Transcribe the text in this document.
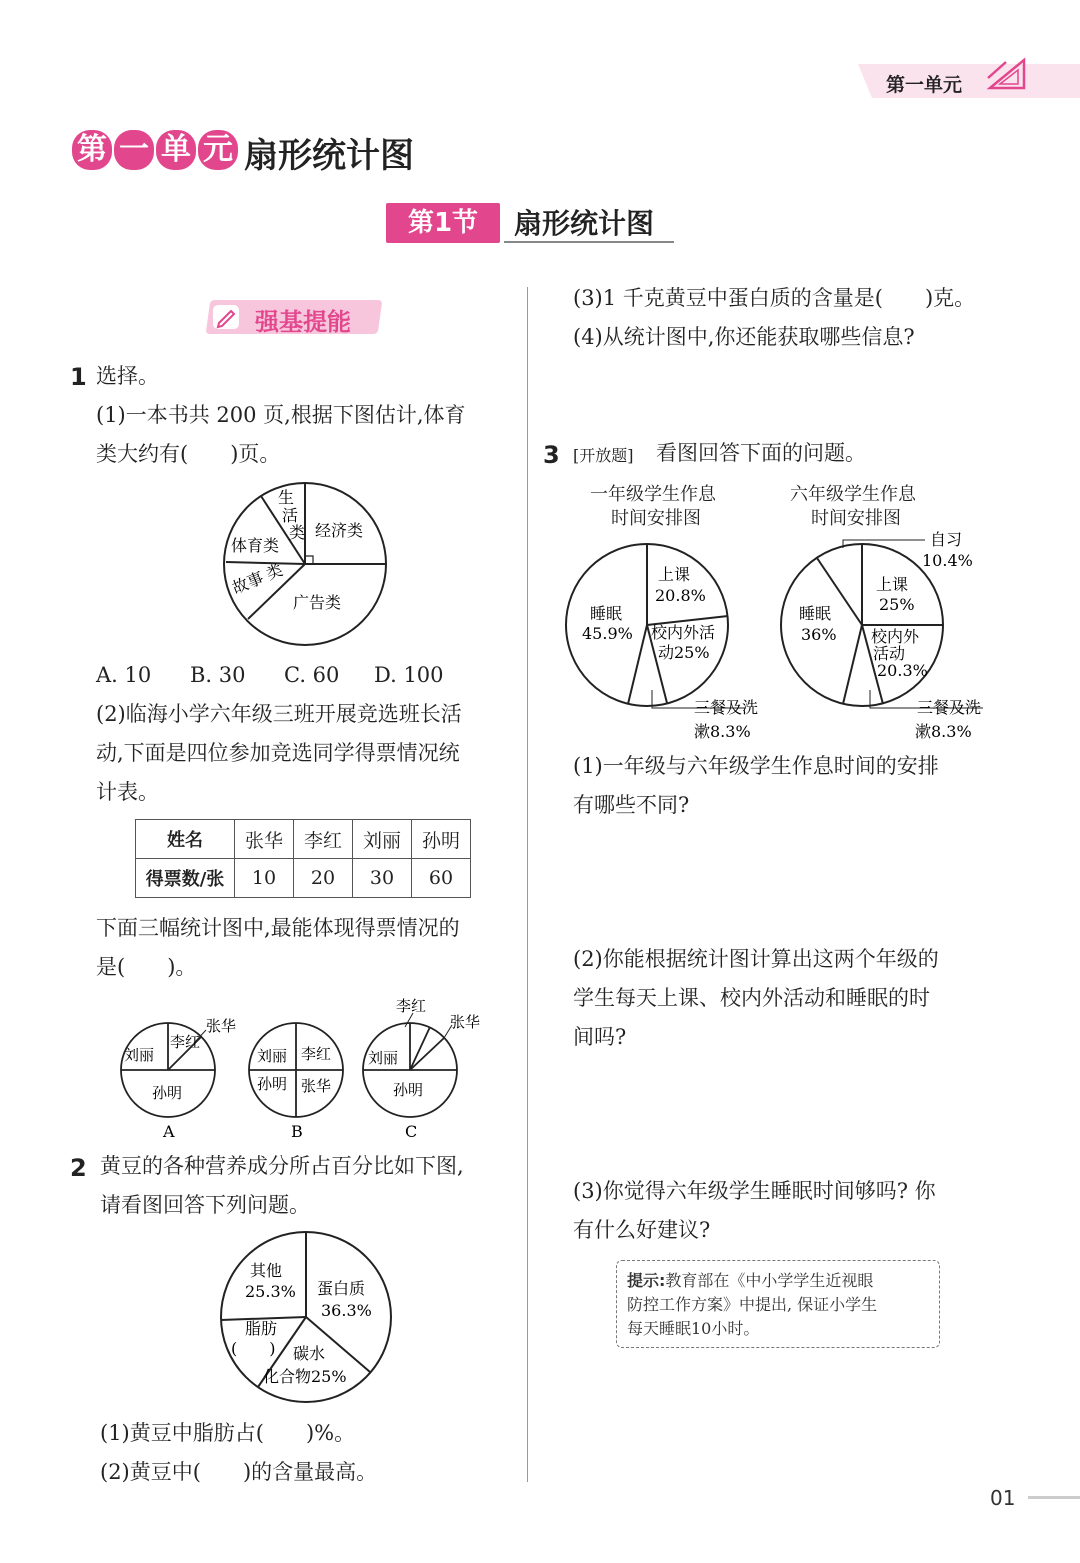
第一单元
第 一 单 元 扇形统计图
第1节	扇形统计图
强基提能
1 选择。
(1)一本书共 200 页,根据下图估计,体育
类大约有(　　)页。
体育类
生
活
类 经济类
故事
类
广告类
A. 10 B. 30 C. 60 D. 100
(2)临海小学六年级三班开展竞选班长活
动,下面是四位参加竞选同学得票情况统
计表。
姓名	张华	李红	刘丽	孙明
得票数/张	10	20	30	60
下面三幅统计图中,最能体现得票情况的
是(　　)。
刘丽
李红
张华
孙明
A
刘丽 李红
孙明 张华
B
李红
张华
刘丽
孙明
C
2 黄豆的各种营养成分所占百分比如下图,
请看图回答下列问题。
其他
25.3% 蛋白质
36.3%
脂肪
(　　) 碳水
化合物25%
(1)黄豆中脂肪占(　　)%。
(2)黄豆中(　　)的含量最高。
(3)1 千克黄豆中蛋白质的含量是(　　)克。
(4)从统计图中,你还能获取哪些信息?
3 [开放题] 看图回答下面的问题。
一年级学生作息
时间安排图
六年级学生作息
时间安排图
上课
20.8%
睡眠
45.9% 校内外活
动25%
三餐及洗
漱8.3%
自习
10.4%
上课
25%
睡眠
36% 校内外
活动
20.3%
三餐及洗
漱8.3%
(1)一年级与六年级学生作息时间的安排
有哪些不同?
(2)你能根据统计图计算出这两个年级的
学生每天上课、校内外活动和睡眠的时
间吗?
(3)你觉得六年级学生睡眠时间够吗? 你
有什么好建议?
提示:教育部在《中小学学生近视眼
防控工作方案》中提出, 保证小学生
每天睡眠10小时。
01
